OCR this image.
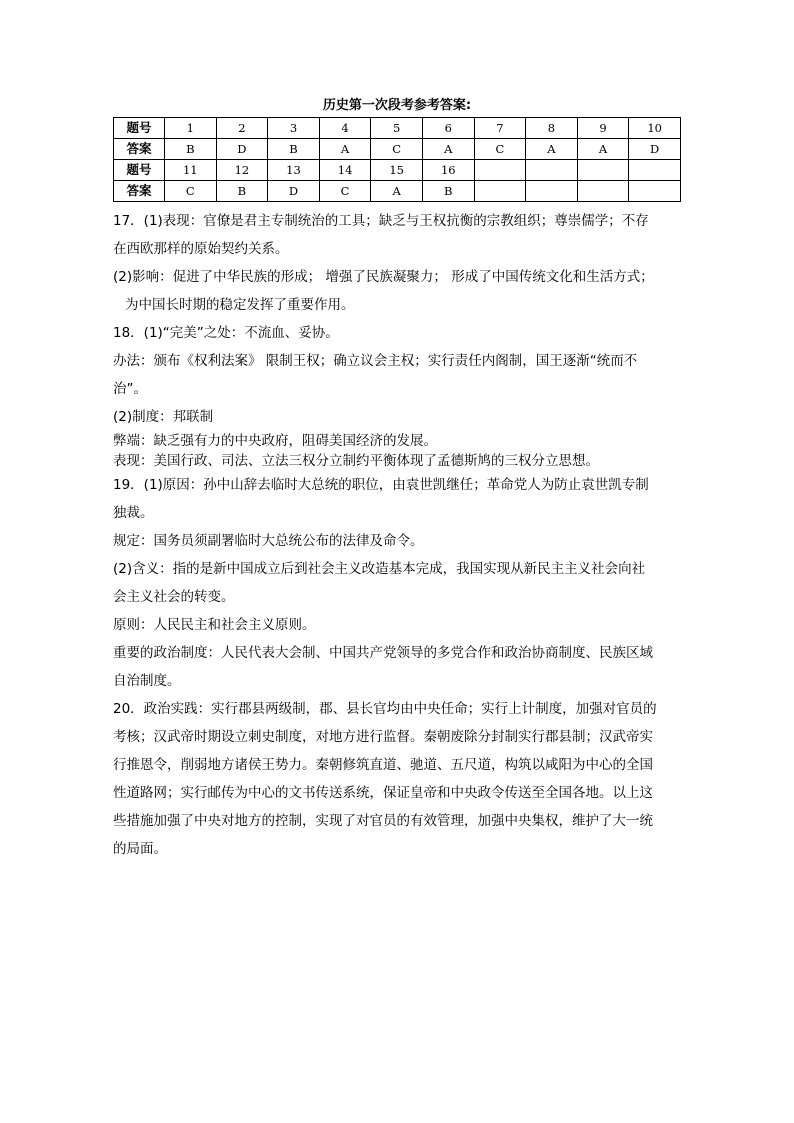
历史第一次段考参考答案:
题号	1	2	3	4	5	6	7	8	9	10
答案	B	D	B	A	C	A	C	A	A	D
题号	11	12	13	14	15	16				
答案	C	B	D	C	A	B				
17．(1)表现：官僚是君主专制统治的工具；缺乏与王权抗衡的宗教组织；尊崇儒学；不存
在西欧那样的原始契约关系。
(2)影响：促进了中华民族的形成； 增强了民族凝聚力； 形成了中国传统文化和生活方式；
为中国长时期的稳定发挥了重要作用。
18．(1)“完美”之处：不流血、妥协。
办法：颁布《权利法案》 限制王权；确立议会主权；实行责任内阁制，国王逐渐“统而不
治”。
(2)制度：邦联制
弊端：缺乏强有力的中央政府，阻碍美国经济的发展。
表现：美国行政、司法、立法三权分立制约平衡体现了孟德斯鸠的三权分立思想。
19．(1)原因：孙中山辞去临时大总统的职位，由袁世凯继任；革命党人为防止袁世凯专制
独裁。
规定：国务员须副署临时大总统公布的法律及命令。
(2)含义：指的是新中国成立后到社会主义改造基本完成，我国实现从新民主主义社会向社
会主义社会的转变。
原则：人民民主和社会主义原则。
重要的政治制度：人民代表大会制、中国共产党领导的多党合作和政治协商制度、民族区域
自治制度。
20．政治实践：实行郡县两级制，郡、县长官均由中央任命；实行上计制度，加强对官员的
考核；汉武帝时期设立刺史制度，对地方进行监督。秦朝废除分封制实行郡县制；汉武帝实
行推恩令，削弱地方诸侯王势力。秦朝修筑直道、驰道、五尺道，构筑以咸阳为中心的全国
性道路网；实行邮传为中心的文书传送系统，保证皇帝和中央政令传送至全国各地。以上这
些措施加强了中央对地方的控制，实现了对官员的有效管理，加强中央集权，维护了大一统
的局面。
